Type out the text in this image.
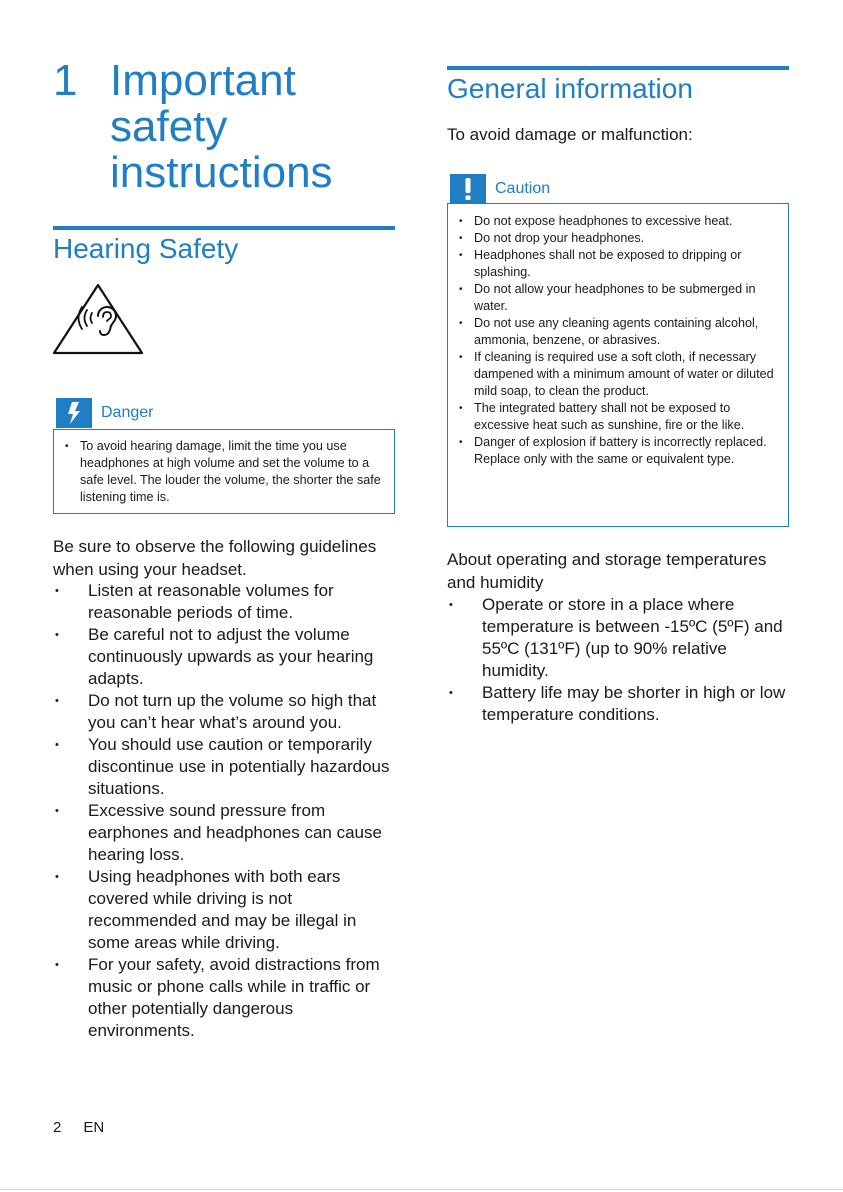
1 Important safety instructions
Hearing Safety
Danger
• To avoid hearing damage, limit the time you use headphones at high volume and set the volume to a safe level. The louder the volume, the shorter the safe listening time is.
Be sure to observe the following guidelines when using your headset.
• Listen at reasonable volumes for reasonable periods of time.
• Be careful not to adjust the volume continuously upwards as your hearing adapts.
• Do not turn up the volume so high that you can’t hear what’s around you.
• You should use caution or temporarily discontinue use in potentially hazardous situations.
• Excessive sound pressure from earphones and headphones can cause hearing loss.
• Using headphones with both ears covered while driving is not recommended and may be illegal in some areas while driving.
• For your safety, avoid distractions from music or phone calls while in traffic or other potentially dangerous environments.
General information
To avoid damage or malfunction:
Caution
• Do not expose headphones to excessive heat.
• Do not drop your headphones.
• Headphones shall not be exposed to dripping or splashing.
• Do not allow your headphones to be submerged in water.
• Do not use any cleaning agents containing alcohol, ammonia, benzene, or abrasives.
• If cleaning is required use a soft cloth, if necessary dampened with a minimum amount of water or diluted mild soap, to clean the product.
• The integrated battery shall not be exposed to excessive heat such as sunshine, fire or the like.
• Danger of explosion if battery is incorrectly replaced. Replace only with the same or equivalent type.
About operating and storage temperatures and humidity
• Operate or store in a place where temperature is between -15ºC (5ºF) and 55ºC (131ºF) (up to 90% relative humidity.
• Battery life may be shorter in high or low temperature conditions.
2 EN
